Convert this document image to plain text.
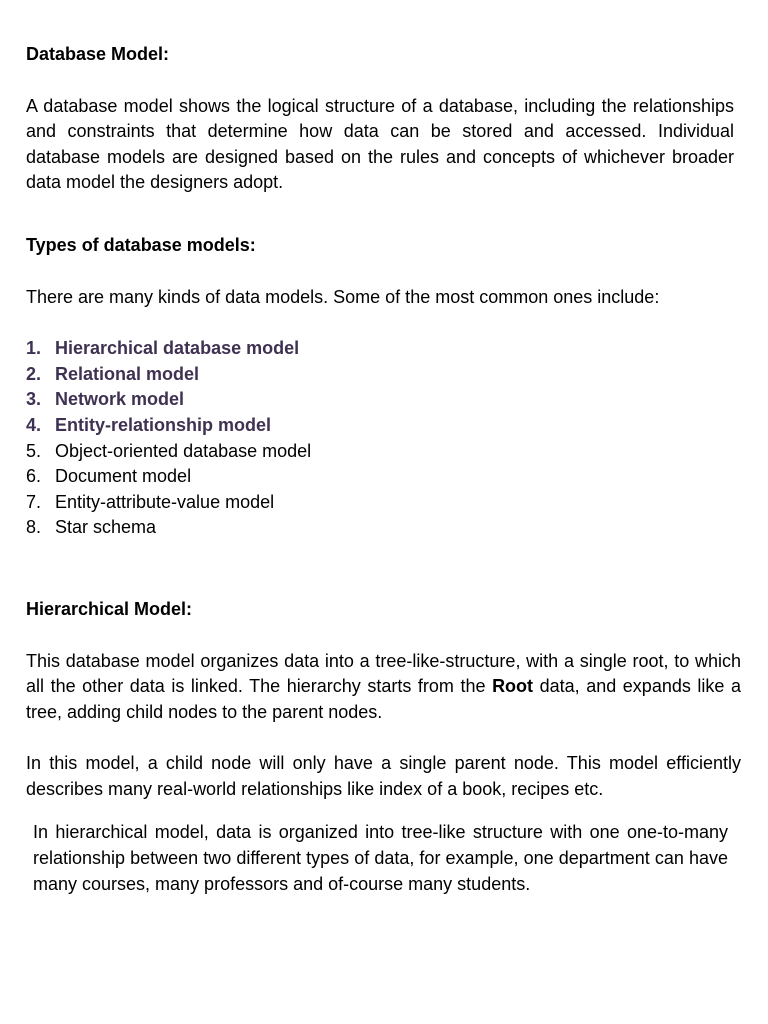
Database Model:

A database model shows the logical structure of a database, including the relationships and constraints that determine how data can be stored and accessed. Individual database models are designed based on the rules and concepts of whichever broader data model the designers adopt.

Types of database models:

There are many kinds of data models. Some of the most common ones include:

1. Hierarchical database model
2. Relational model
3. Network model
4. Entity-relationship model
5. Object-oriented database model
6. Document model
7. Entity-attribute-value model
8. Star schema
Hierarchical Model:

This database model organizes data into a tree-like-structure, with a single root, to which all the other data is linked. The hierarchy starts from the Root data, and expands like a tree, adding child nodes to the parent nodes.

In this model, a child node will only have a single parent node. This model efficiently describes many real-world relationships like index of a book, recipes etc.

In hierarchical model, data is organized into tree-like structure with one one-to-many relationship between two different types of data, for example, one department can have many courses, many professors and of-course many students.
